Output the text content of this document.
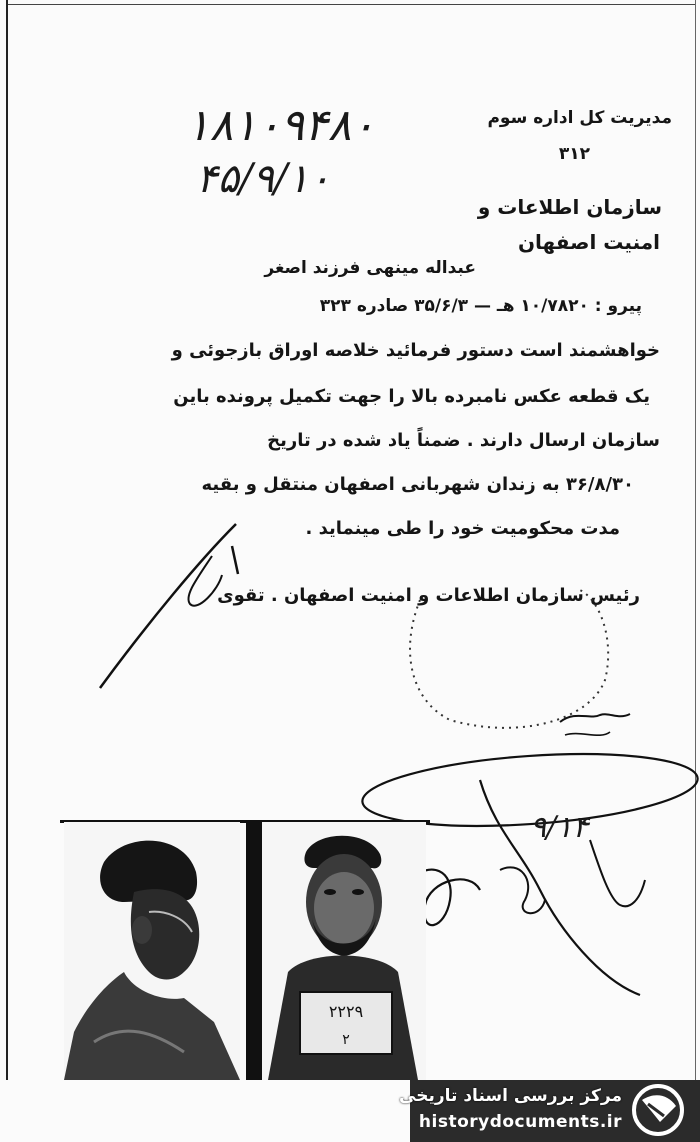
مدیریت کل اداره سوم
۳۱۲
سازمان اطلاعات و
امنیت اصفهان
۱۸۱۰۹۴۸۰
۴۵/۹/۱۰
عبداله مینهی فرزند اصغر
پیرو : ۱۰/۷۸۲۰ هـ — ۳۵/۶/۳ صادره ۳۲۳
خواهشمند است دستور فرمائید خلاصه اوراق بازجوئی و
یک قطعه عکس نامبرده بالا را جهت تکمیل پرونده باین
سازمان ارسال دارند . ضمناً یاد شده در تاریخ
۳۶/۸/۳۰ به زندان شهربانی اصفهان منتقل و بقیه
مدت محکومیت خود را طی مینماید .
رئیس سازمان اطلاعات و امنیت اصفهان . تقوی
۹/۱۴
٢٢٢٩
٢
مرکز بررسی اسناد تاریخی
historydocuments.ir
